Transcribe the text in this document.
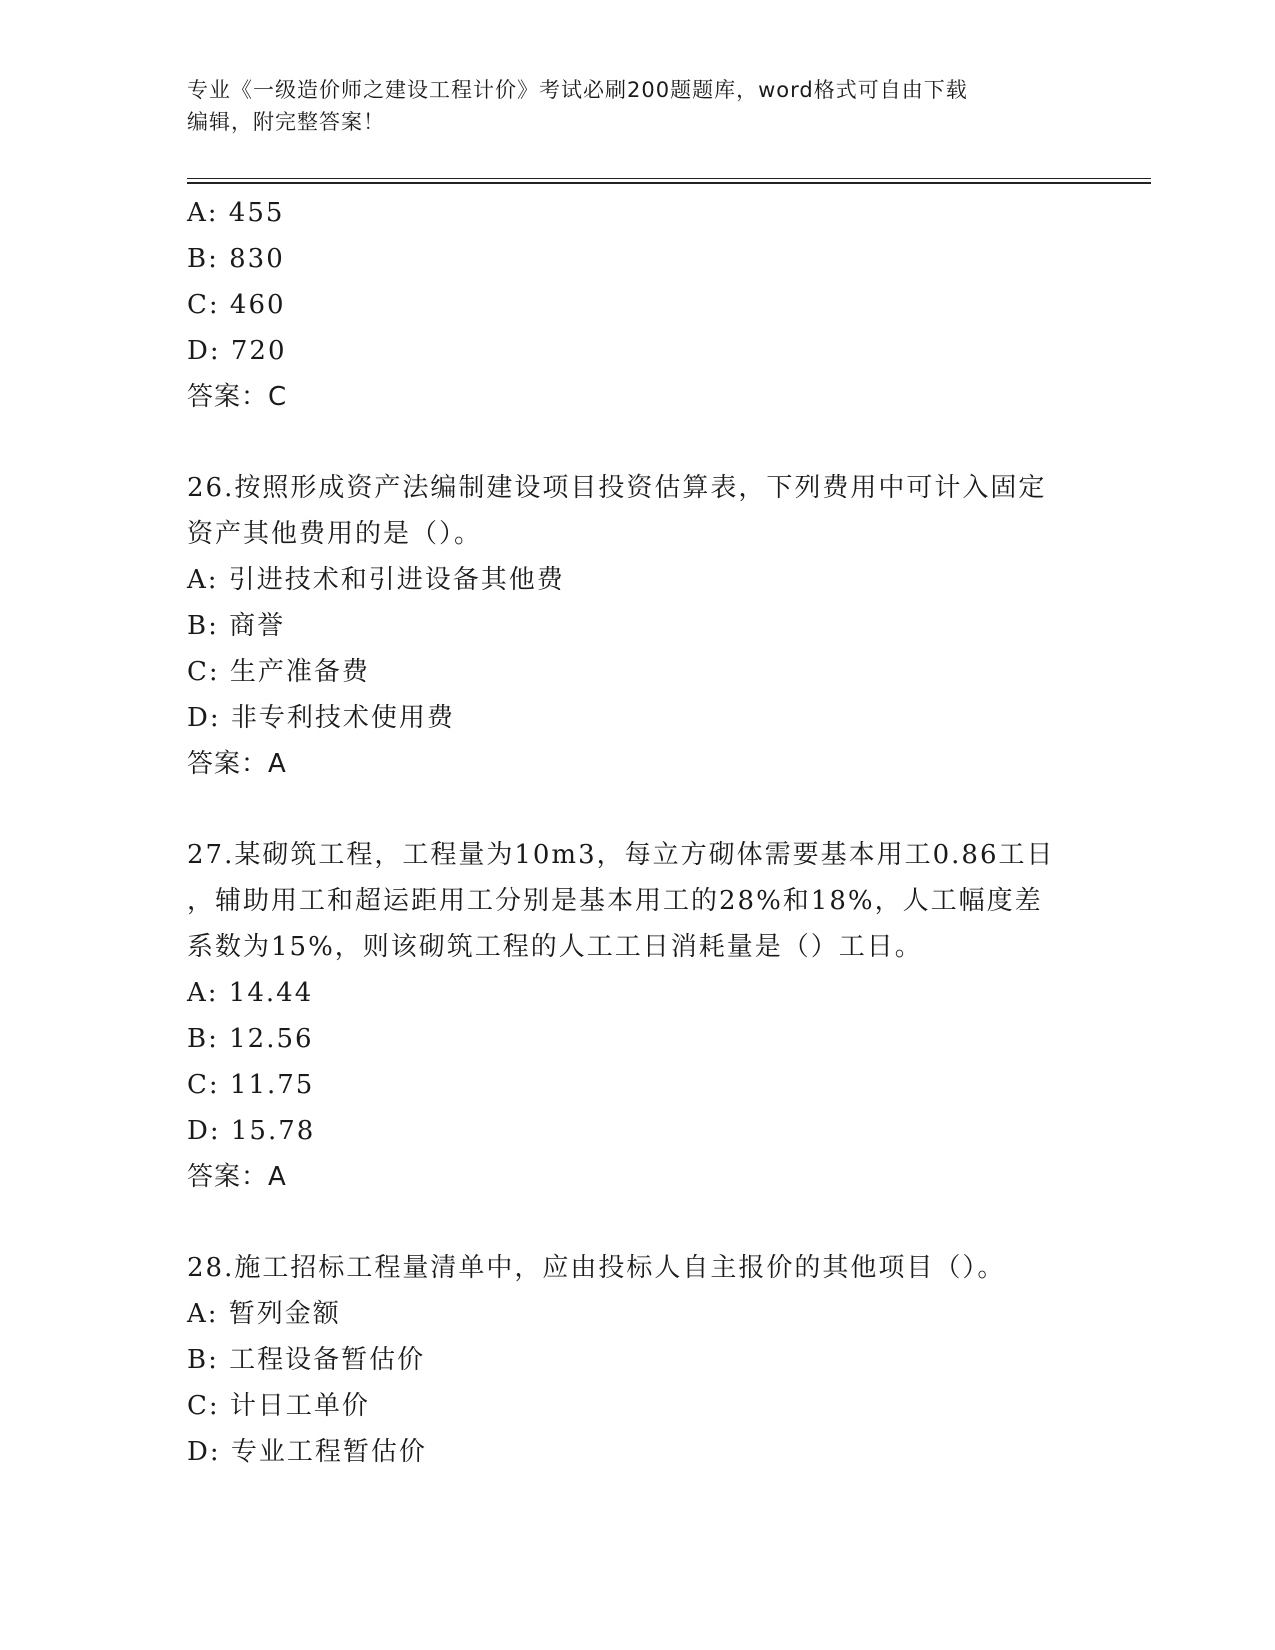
专业《一级造价师之建设工程计价》考试必刷200题题库，word格式可自由下载
编辑，附完整答案！
A: 455
B: 830
C: 460
D: 720
答案：C
26.按照形成资产法编制建设项目投资估算表，下列费用中可计入固定
资产其他费用的是（）。
A: 引进技术和引进设备其他费
B: 商誉
C: 生产准备费
D: 非专利技术使用费
答案：A
27.某砌筑工程，工程量为10m3，每立方砌体需要基本用工0.86工日
，辅助用工和超运距用工分别是基本用工的28%和18%，人工幅度差
系数为15%，则该砌筑工程的人工工日消耗量是（）工日。
A: 14.44
B: 12.56
C: 11.75
D: 15.78
答案：A
28.施工招标工程量清单中，应由投标人自主报价的其他项目（）。
A: 暂列金额
B: 工程设备暂估价
C: 计日工单价
D: 专业工程暂估价
